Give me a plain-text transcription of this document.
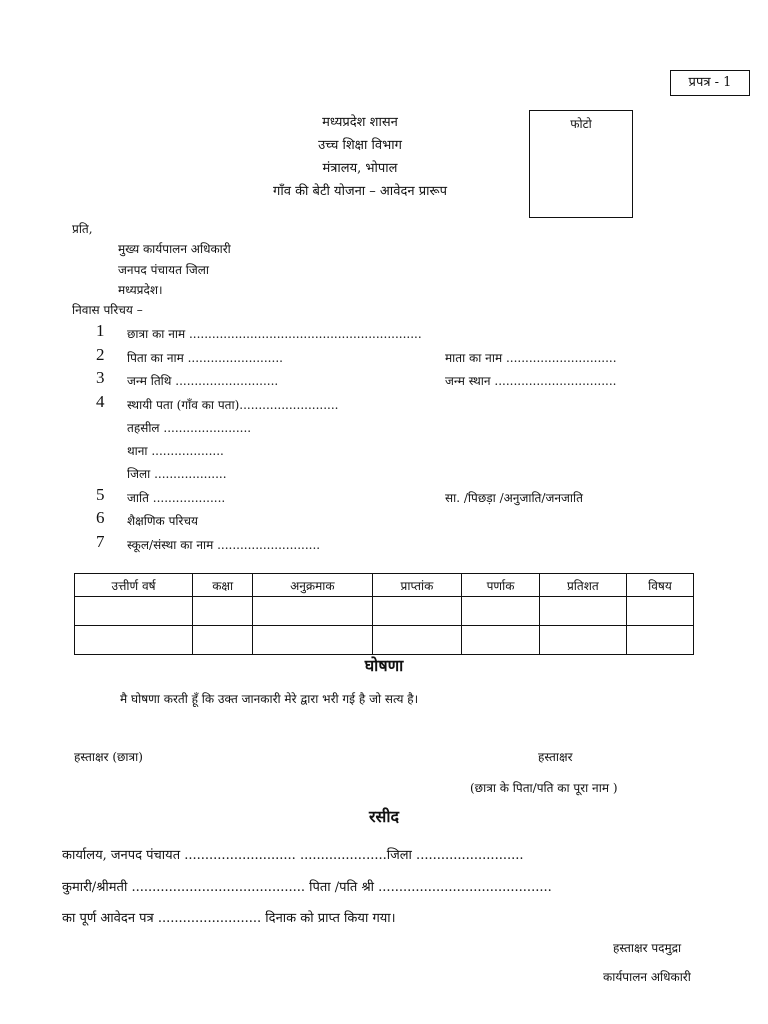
प्रपत्र - 1
फोटो
मध्यप्रदेश शासन
उच्च शिक्षा विभाग
मंत्रालय, भोपाल
गाँव की बेटी योजना – आवेदन प्रारूप
प्रति,
मुख्य कार्यपालन अधिकारी
जनपद पंचायत जिला
मध्यप्रदेश।
निवास परिचय –
1 छात्रा का नाम .............................................................
2 पिता का नाम .........................	माता का नाम .............................
3 जन्म तिथि ...........................	जन्म स्थान ................................
4 स्थायी पता (गाँव का पता)..........................
तहसील .......................
थाना ...................
जिला ...................
5 जाति ...................	सा. /पिछड़ा /अनुजाति/जनजाति
6 शैक्षणिक परिचय
7 स्कूल/संस्था का नाम ...........................
उत्तीर्ण वर्ष	कक्षा	अनुक्रमाक	प्राप्तांक	पर्णाक	प्रतिशत	विषय

घोषणा
मै घोषणा करती हूँ कि उक्त जानकारी मेरे द्वारा भरी गई है जो सत्य है।
हस्ताक्षर (छात्रा)	हस्ताक्षर
(छात्रा के पिता/पति का पूरा नाम )
रसीद
कार्यालय, जनपद पंचायत ........................... .....................जिला ..........................
कुमारी/श्रीमती .......................................... पिता /पति श्री ..........................................
का पूर्ण आवेदन पत्र ......................... दिनाक को प्राप्त किया गया।
हस्ताक्षर पदमुद्रा
कार्यपालन अधिकारी
